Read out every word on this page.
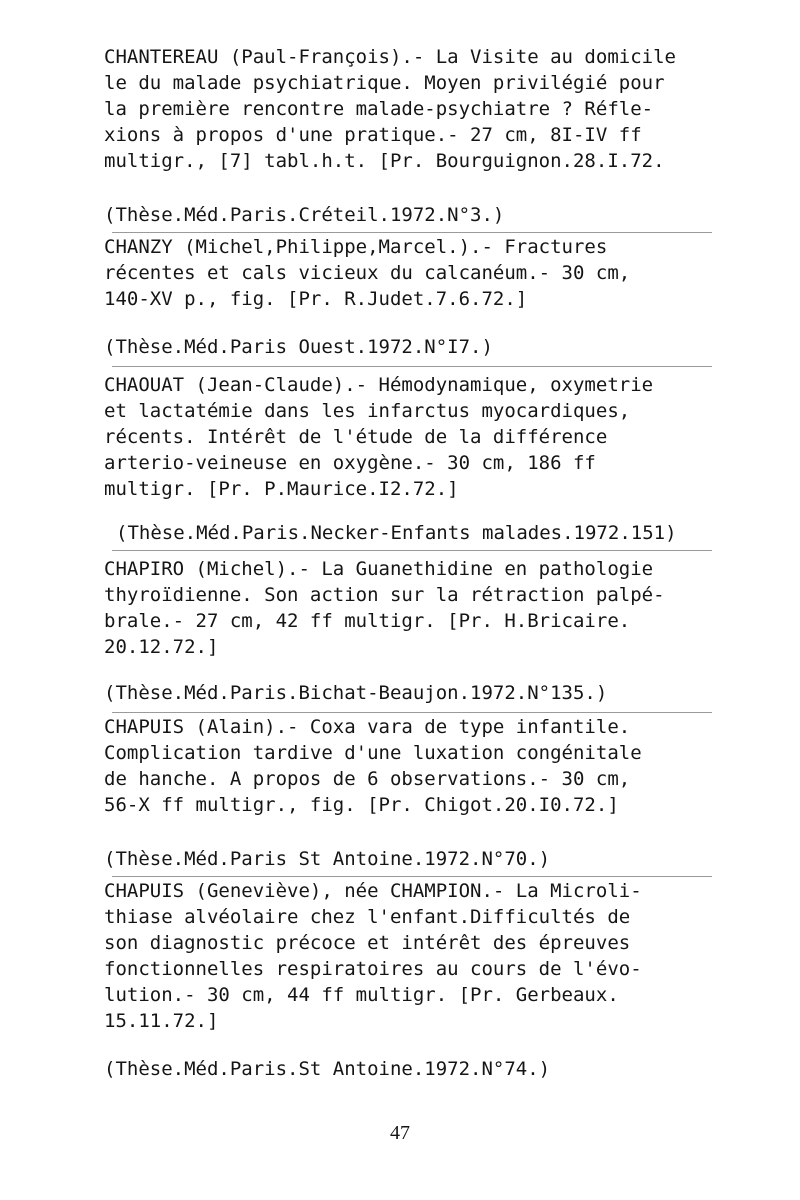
CHANTEREAU (Paul-François).- La Visite au domicile
le du malade psychiatrique. Moyen privilégié pour
la première rencontre malade-psychiatre ? Réfle-
xions à propos d'une pratique.- 27 cm, 8I-IV ff
multigr., [7] tabl.h.t. [Pr. Bourguignon.28.I.72.
(Thèse.Méd.Paris.Créteil.1972.N°3.)
CHANZY (Michel,Philippe,Marcel.).- Fractures
récentes et cals vicieux du calcanéum.- 30 cm,
140-XV p., fig. [Pr. R.Judet.7.6.72.]
(Thèse.Méd.Paris Ouest.1972.N°I7.)
CHAOUAT (Jean-Claude).- Hémodynamique, oxymetrie
et lactatémie dans les infarctus myocardiques,
récents. Intérêt de l'étude de la différence
arterio-veineuse en oxygène.- 30 cm, 186 ff
multigr. [Pr. P.Maurice.I2.72.]
(Thèse.Méd.Paris.Necker-Enfants malades.1972.151)
CHAPIRO (Michel).- La Guanethidine en pathologie
thyroïdienne. Son action sur la rétraction palpé-
brale.- 27 cm, 42 ff multigr. [Pr. H.Bricaire.
20.12.72.]
(Thèse.Méd.Paris.Bichat-Beaujon.1972.N°135.)
CHAPUIS (Alain).- Coxa vara de type infantile.
Complication tardive d'une luxation congénitale
de hanche. A propos de 6 observations.- 30 cm,
56-X ff multigr., fig. [Pr. Chigot.20.I0.72.]
(Thèse.Méd.Paris St Antoine.1972.N°70.)
CHAPUIS (Geneviève), née CHAMPION.- La Microli-
thiase alvéolaire chez l'enfant.Difficultés de
son diagnostic précoce et intérêt des épreuves
fonctionnelles respiratoires au cours de l'évo-
lution.- 30 cm, 44 ff multigr. [Pr. Gerbeaux.
15.11.72.]
(Thèse.Méd.Paris.St Antoine.1972.N°74.)
47
